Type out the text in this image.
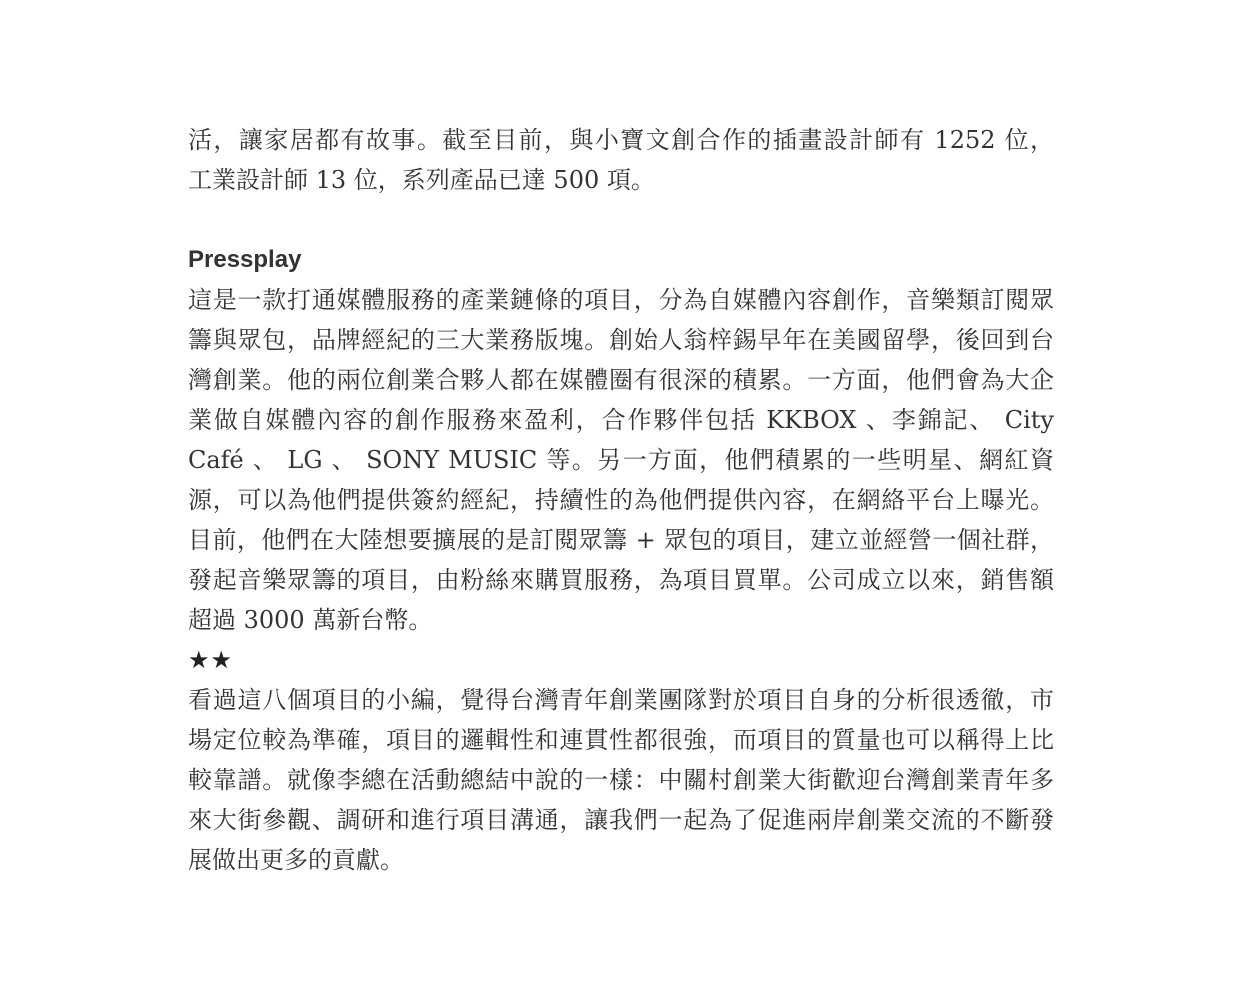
活，讓家居都有故事。截至目前，與小寶文創合作的插畫設計師有 1252 位，
工業設計師 13 位，系列產品已達 500 項。
Pressplay
這是一款打通媒體服務的產業鏈條的項目，分為自媒體內容創作，音樂類訂閱眾
籌與眾包，品牌經紀的三大業務版塊。創始人翁梓錫早年在美國留學，後回到台
灣創業。他的兩位創業合夥人都在媒體圈有很深的積累。一方面，他們會為大企
業做自媒體內容的創作服務來盈利，合作夥伴包括 KKBOX 、李錦記、 City
Café 、 LG 、 SONY MUSIC 等。另一方面，他們積累的一些明星、網紅資
源，可以為他們提供簽約經紀，持續性的為他們提供內容，在網絡平台上曝光。
目前，他們在大陸想要擴展的是訂閱眾籌 + 眾包的項目，建立並經營一個社群，
發起音樂眾籌的項目，由粉絲來購買服務，為項目買單。公司成立以來，銷售額
超過 3000 萬新台幣。
★★
看過這八個項目的小編，覺得台灣青年創業團隊對於項目自身的分析很透徹，市
場定位較為準確，項目的邏輯性和連貫性都很強，而項目的質量也可以稱得上比
較靠譜。就像李總在活動總結中說的一樣：中關村創業大街歡迎台灣創業青年多
來大街參觀、調研和進行項目溝通，讓我們一起為了促進兩岸創業交流的不斷發
展做出更多的貢獻。
